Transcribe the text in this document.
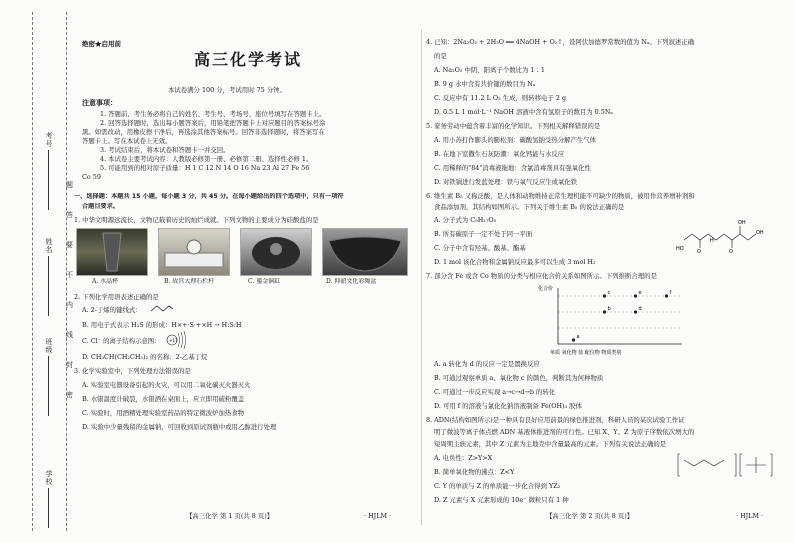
考号
姓名
班级
学校
题
答
要
不
内
线
封
密
绝密★启用前
高三化学考试

本试卷满分 100 分，考试用时 75 分钟。

注意事项：

1. 答题前，考生务必将自己的姓名、考生号、考场号、座位号填写在答题卡上。

2. 回答选择题时，选出每小题答案后，用铅笔把答题卡上对应题目的答案标号涂

黑。如需改动，用橡皮擦干净后，再选涂其他答案标号。回答非选择题时，将答案写在

答题卡上。写在本试卷上无效。

3. 考试结束后，将本试卷和答题卡一并交回。

4. 本试卷主要考试内容：人教版必修第一册、必修第二册、选择性必修 1。

5. 可能用到的相对原子质量：H 1 C 12 N 14 O 16 Na 23 Al 27 Fe 56

Co 59

一、选择题：本题共 15 小题，每小题 3 分，共 45 分。在每小题给出的四个选项中，只有一项符

合题目要求。

1. 中华文明源远流长，文物记载着历史的灿烂成就。下列文物的主要成分为硅酸盐的是

A. 水晶杯	B. 故宫大理石栏杆	C. 鎏金铜缸	D. 仰韶文化彩陶盆

2. 下列化学用语表述正确的是

A. 2-丁烯的键线式：

B. 用电子式表示 H₂S 的形成：H×+·S·+×H → H:S:H

C. Cl⁻ 的离子结构示意图： +17

D. CH₃CH(CH₂CH₃)₂ 的名称：2-乙基丁烷

3. 化学实验室中，下列处理方法错误的是

A. 实验室电器设备引起的火灾，可以用二氧化碳灭火器灭火

B. 水银温度计破裂，水银洒在桌面上，应立即用硫粉覆盖

C. 实验时，用酒精处理实验室药品的特定微波炉加热食物

D. 实验中少量残留的金属钠，可回收到原试剂瓶中或用乙醇进行处理

【高三化学 第 1 页(共 8 页)】	· HJLM ·

4. 已知：2Na₂O₂ + 2H₂O ══ 4NaOH + O₂↑，设阿伏加德罗常数的值为 Nₐ。下列叙述正确

的是

A. Na₂O₂ 中阴、阳离子个数比为 1∶1

B. 9 g 水中含有共价键的数目为 Nₐ

C. 反应中有 11.2 L O₂ 生成，则转移电子 2 g

D. 0.5 L 1 mol·L⁻¹ NaOH 溶液中含有氢原子的数目为 0.5Nₐ

5. 家务劳动中蕴含着丰富的化学知识。下列相关解释错误的是

A. 用小苏打作膨头的膨松剂：碳酸氢钠受热分解产生气体

B. 在地下室撒生石灰防潮：氧化钙能与水反应

C. 用稀释的"84"消毒液拖地：含氯消毒剂具有强氧化性

D. 对铁锅进行发蓝处理：铁与氧气反应生成氧化铁

6. 维生素 B₅ 又称泛酸，是人体和动物维持正常生理机能不可缺少的物质，被用作营养增补剂和

食品添加剂，其结构如图所示。下列关于维生素 B₅ 的说法正确的是

A. 分子式为 C₉H₁₇O₅

B. 所有碳原子一定不处于同一平面

C. 分子中含有羟基、酸基、酯基

D. 1 mol 该化合物和金属钠反应最多可以生成 3 mol H₂

HO	O
H
O
OH
OH

7. 部分含 Fe 或含 Co 物质的分类与相应化合价关系如图所示。下列推断合理的是

a
b
c
d
e	f
化合价
单质 氧化物 盐 配位物 物质类别

A. a 转化为 d 的反应一定是置换反应

B. 可通过观察单质 a、氧化物 c 的颜色，判断其为何种物质

C. 可通过一步反应实现 a→c→d→b 的转化

D. 可用 f 的溶液与氯化化钠溶液制备 Fe(OH)₃ 胶体

8. ADN(结构如图所示)是一种具有良好应用前景的绿色推进剂，科研人员的某次试验工作证

明了微波等离子体点燃 ADN 基液体推进剂的可行性。已知 X、Y、Z 为原子序数依次增大的

短周期主族元素，其中 Z 元素为主地壳中含量最高的元素。下列有关说法正确的是

A. 电负性：Z>Y>X

B. 简单氧化物的沸点：Z<Y

C. Y 的单质与 Z 的单质能一步化合得到 YZ₂

D. Z 元素与 X 元素形成的 10e⁻ 微粒只有 1 种

【高三化学 第 2 页(共 8 页)】	· HJLM ·
